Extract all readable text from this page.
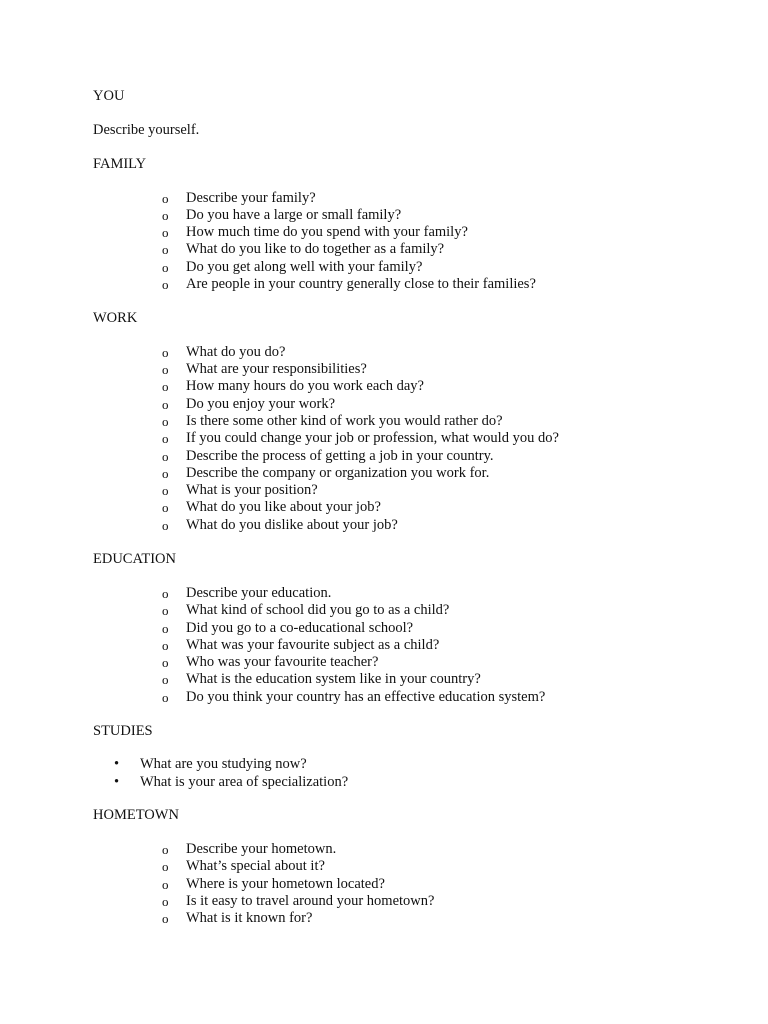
YOU
Describe yourself.
FAMILY
o Describe your family?
o Do you have a large or small family?
o How much time do you spend with your family?
o What do you like to do together as a family?
o Do you get along well with your family?
o Are people in your country generally close to their families?
WORK
o What do you do?
o What are your responsibilities?
o How many hours do you work each day?
o Do you enjoy your work?
o Is there some other kind of work you would rather do?
o If you could change your job or profession, what would you do?
o Describe the process of getting a job in your country.
o Describe the company or organization you work for.
o What is your position?
o What do you like about your job?
o What do you dislike about your job?
EDUCATION
o Describe your education.
o What kind of school did you go to as a child?
o Did you go to a co-educational school?
o What was your favourite subject as a child?
o Who was your favourite teacher?
o What is the education system like in your country?
o Do you think your country has an effective education system?
STUDIES
• What are you studying now?
• What is your area of specialization?
HOMETOWN
o Describe your hometown.
o What’s special about it?
o Where is your hometown located?
o Is it easy to travel around your hometown?
o What is it known for?
